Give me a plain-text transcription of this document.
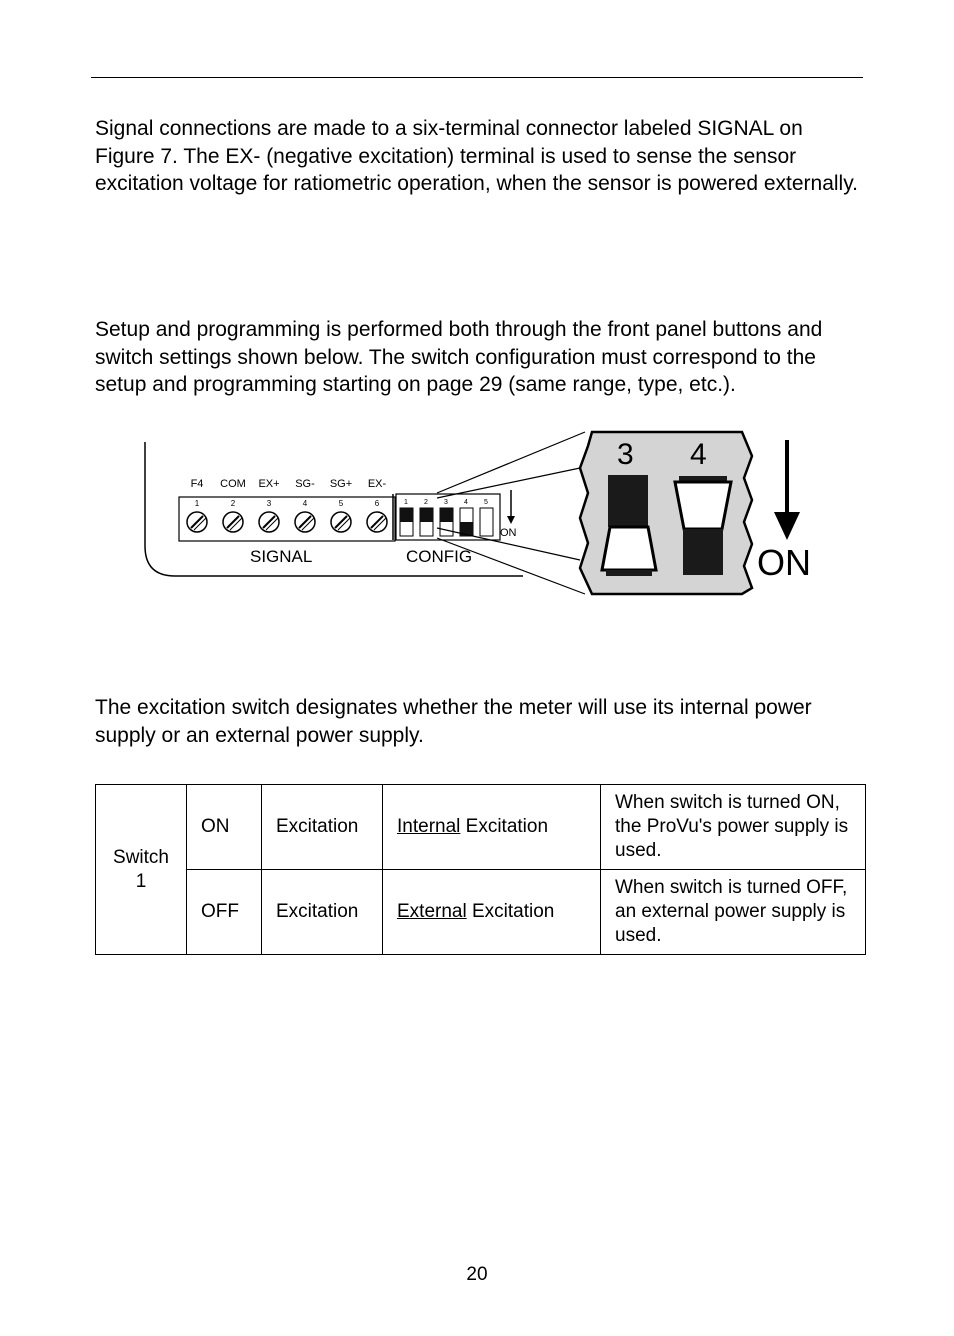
Signal connections are made to a six-terminal connector labeled SIGNAL on Figure 7. The EX- (negative excitation) terminal is used to sense the sensor excitation voltage for ratiometric operation, when the sensor is powered externally.

Setup and programming is performed both through the front panel buttons and switch settings shown below. The switch configuration must correspond to the setup and programming starting on page 29 (same range, type, etc.).

F4
1
COM
2
EX+
3
SG-
4
SG+
5
EX-
6	1 2 3 4 5
ON
SIGNAL	CONFIG
3 4
ON

The excitation switch designates whether the meter will use its internal power supply or an external power supply.

Switch 1	ON	Excitation	Internal Excitation	When switch is turned ON, the ProVu's power supply is used.
	OFF	Excitation	External Excitation	When switch is turned OFF, an external power supply is used.
20
